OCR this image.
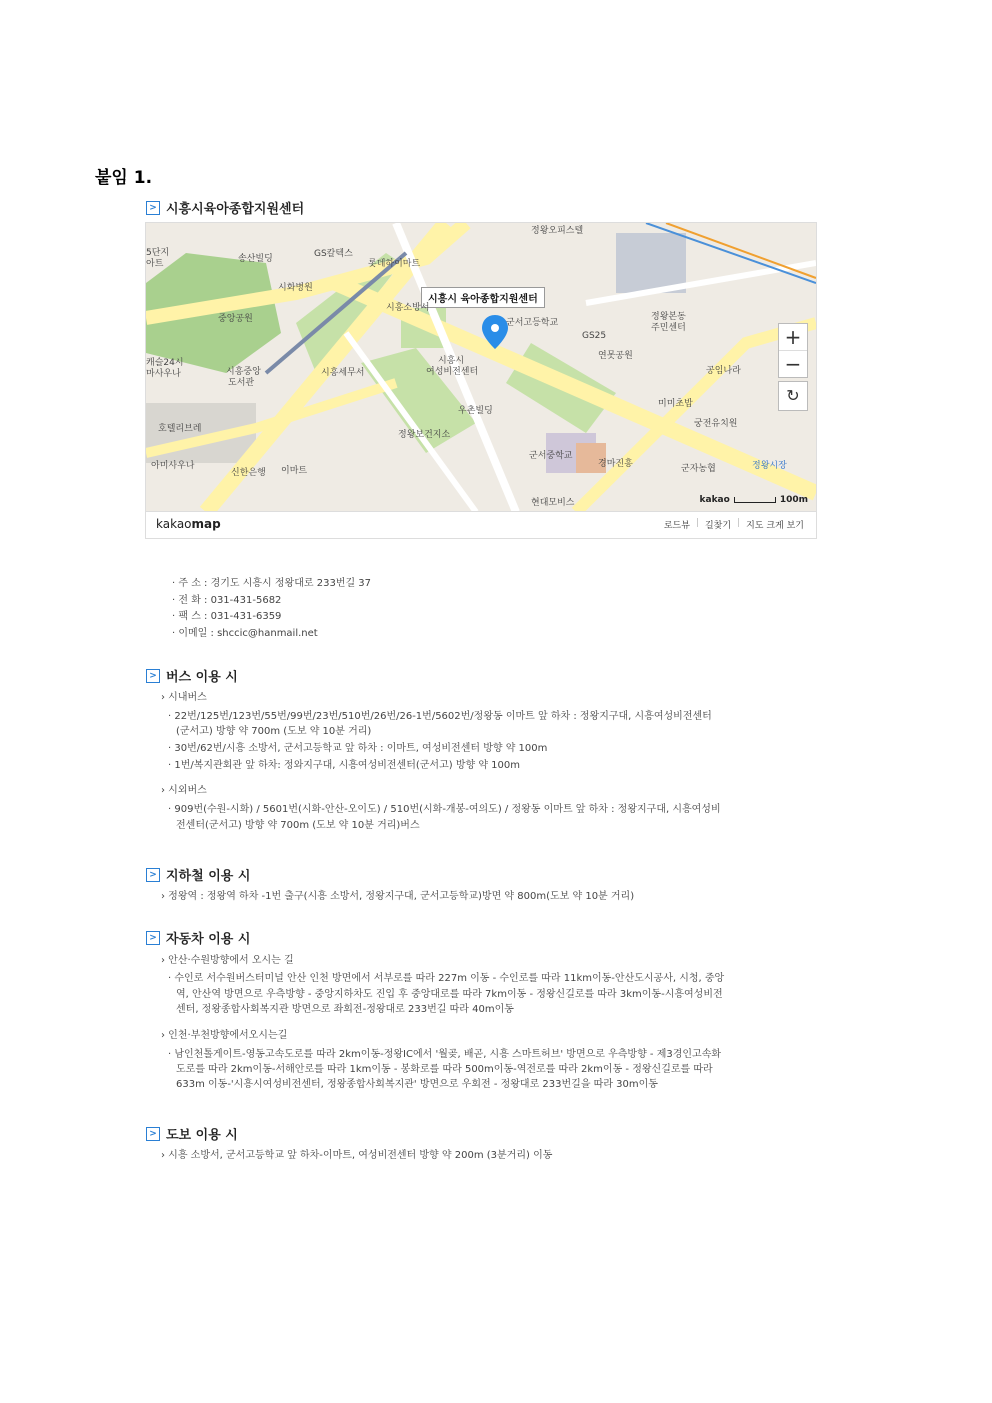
붙임 1.
> 시흥시육아종합지원센터
시흥시 육아종합지원센터
정왕오피스텔
5단지
아트	송산빌딩	GS칼텍스
롯데하이마트
시화병원
시흥소방서
군서고등학교
중앙공원	정왕본동
주민센터
GS25
연못공원
캐슬24시
마사우나	시흥중앙
도서관
시흥세무서
시흥시
여성비전센터	공임나라
미미초밥
우촌빌딩
호텔리브레
정왕보건지소
궁전유치원
군서중학교
아미사우나
신한은행 이마트
경마진흥	군자농협	정왕시장
현대모비스
+
−
↻
kakao	100m
kakaomap	로드뷰 | 길찾기 | 지도 크게 보기
· 주 소 : 경기도 시흥시 정왕대로 233번길 37
· 전 화 : 031-431-5682
· 팩 스 : 031-431-6359
· 이메일 : shccic@hanmail.net
> 버스 이용 시
› 시내버스
· 22번/125번/123번/55번/99번/23번/510번/26번/26-1번/5602번/정왕동 이마트 앞 하차 : 정왕지구대, 시흥여성비전센터
(군서고) 방향 약 700m (도보 약 10분 거리)
· 30번/62번/시흥 소방서, 군서고등학교 앞 하차 : 이마트, 여성비전센터 방향 약 100m
· 1번/복지관회관 앞 하차: 정와지구대, 시흥여성비전센터(군서고) 방향 약 100m
› 시외버스
· 909번(수원-시화) / 5601번(시화-안산-오이도) / 510번(시화-개봉-여의도) / 정왕동 이마트 앞 하차 : 정왕지구대, 시흥여성비
전센터(군서고) 방향 약 700m (도보 약 10분 거리)버스
> 지하철 이용 시
› 정왕역 : 정왕역 하차 -1번 출구(시흥 소방서, 정왕지구대, 군서고등학교)방면 약 800m(도보 약 10분 거리)
> 자동차 이용 시
› 안산·수원방향에서 오시는 길
· 수인로 서수원버스터미널 안산 인천 방면에서 서부로를 따라 227m 이동 - 수인로를 따라 11km이동-안산도시공사, 시청, 중앙
역, 안산역 방면으로 우측방향 - 중앙지하차도 진입 후 중앙대로를 따라 7km이동 - 정왕신길로를 따라 3km이동-시흥여성비전
센터, 정왕종합사회복지관 방면으로 좌회전-정왕대로 233번길 따라 40m이동
› 인천·부천방향에서오시는길
· 남인천톨게이트-영동고속도로를 따라 2km이동-정왕IC에서 '월곶, 배곧, 시흥 스마트허브' 방면으로 우측방향 - 제3경인고속화
도로를 따라 2km이동-서해안로를 따라 1km이동 - 봉화로를 따라 500m이동-역전로를 따라 2km이동 - 정왕신길로를 따라
633m 이동-'시흥시여성비전센터, 정왕종합사회복지관' 방면으로 우회전 - 정왕대로 233번길을 따라 30m이동
> 도보 이용 시
› 시흥 소방서, 군서고등학교 앞 하차-이마트, 여성비전센터 방향 약 200m (3분거리) 이동
